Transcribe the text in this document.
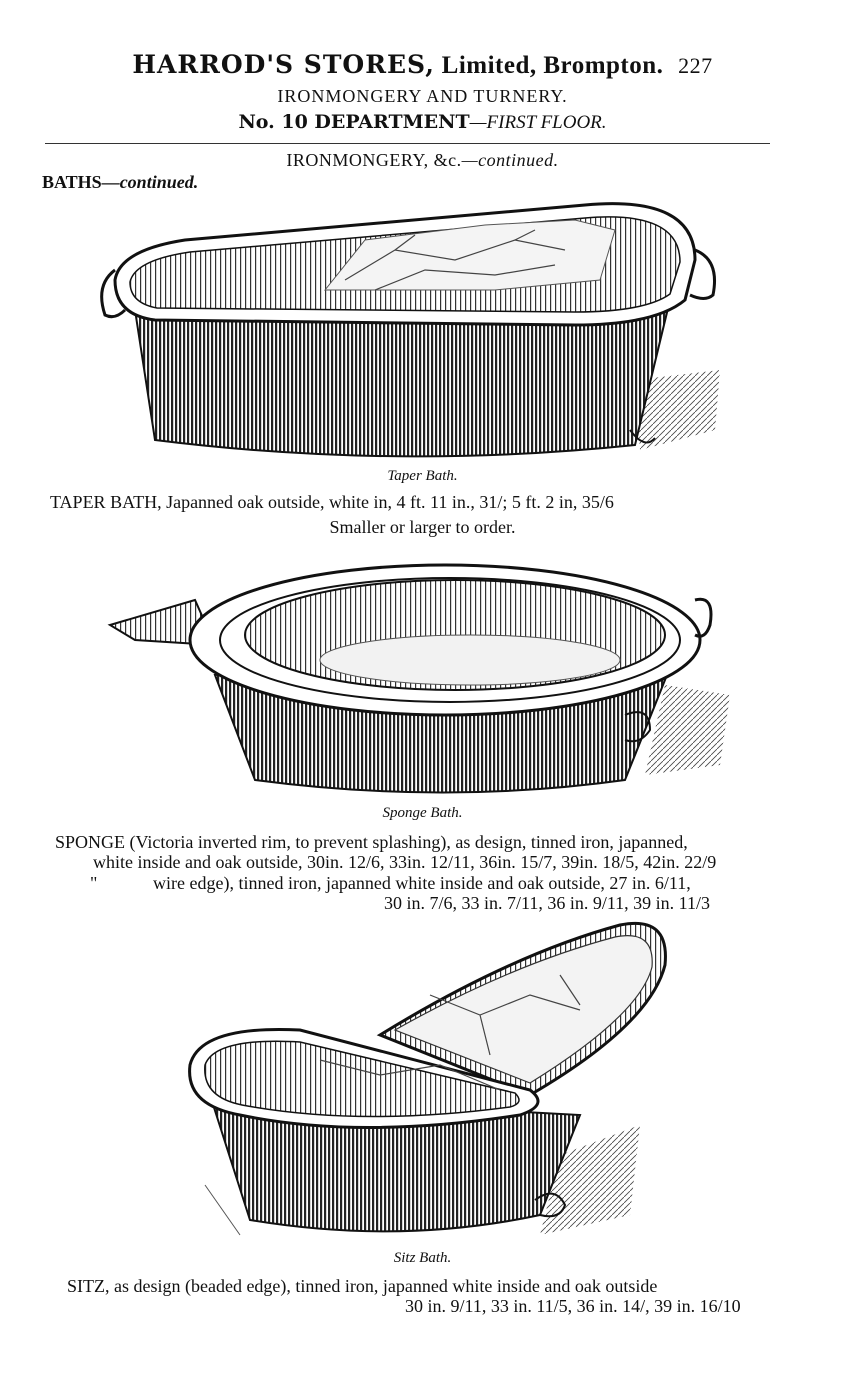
HARROD'S STORES, Limited, Brompton. 227
IRONMONGERY AND TURNERY.
No. 10 DEPARTMENT—FIRST FLOOR.
IRONMONGERY, &c.—continued.
BATHS—continued.
Taper Bath.
TAPER BATH, Japanned oak outside, white in, 4 ft. 11 in., 31/; 5 ft. 2 in, 35/6
Smaller or larger to order.
Sponge Bath.
SPONGE (Victoria inverted rim, to prevent splashing), as design, tinned iron, japanned,
white inside and oak outside, 30in. 12/6, 33in. 12/11, 36in. 15/7, 39in. 18/5, 42in. 22/9
"	wire edge), tinned iron, japanned white inside and oak outside, 27 in. 6/11,
30 in. 7/6, 33 in. 7/11, 36 in. 9/11, 39 in. 11/3
Sitz Bath.
SITZ, as design (beaded edge), tinned iron, japanned white inside and oak outside
30 in. 9/11, 33 in. 11/5, 36 in. 14/, 39 in. 16/10
